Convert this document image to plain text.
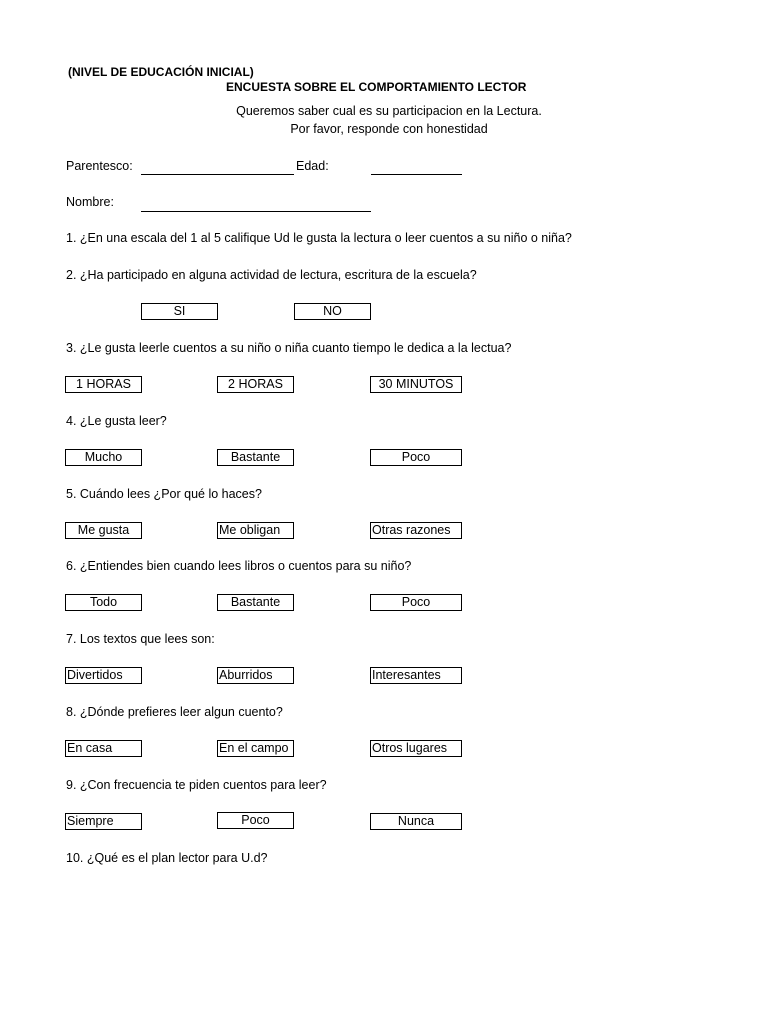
(NIVEL DE EDUCACIÓN INICIAL)
ENCUESTA SOBRE EL COMPORTAMIENTO LECTOR
Queremos saber cual es su participacion en la Lectura.
Por favor, responde con honestidad
Parentesco:	Edad:
Nombre:
1. ¿En una escala del 1 al 5 califique Ud le gusta la lectura o leer cuentos a su niño o niña?
2. ¿Ha participado en alguna actividad de lectura, escritura de la escuela?
SI	NO
3. ¿Le gusta leerle cuentos a su niño o niña cuanto tiempo le dedica a la lectua?
1 HORAS	2 HORAS	30 MINUTOS
4. ¿Le gusta leer?
Mucho	Bastante	Poco
5. Cuándo lees ¿Por qué lo haces?
Me gusta	Me obligan	Otras razones
6. ¿Entiendes bien cuando lees libros o cuentos para su niño?
Todo	Bastante	Poco
7. Los textos que lees son:
Divertidos	Aburridos	Interesantes
8. ¿Dónde prefieres leer algun cuento?
En casa	En el campo	Otros lugares
9. ¿Con frecuencia te piden cuentos para leer?
Siempre	Poco	Nunca
10. ¿Qué es el plan lector para U.d?
